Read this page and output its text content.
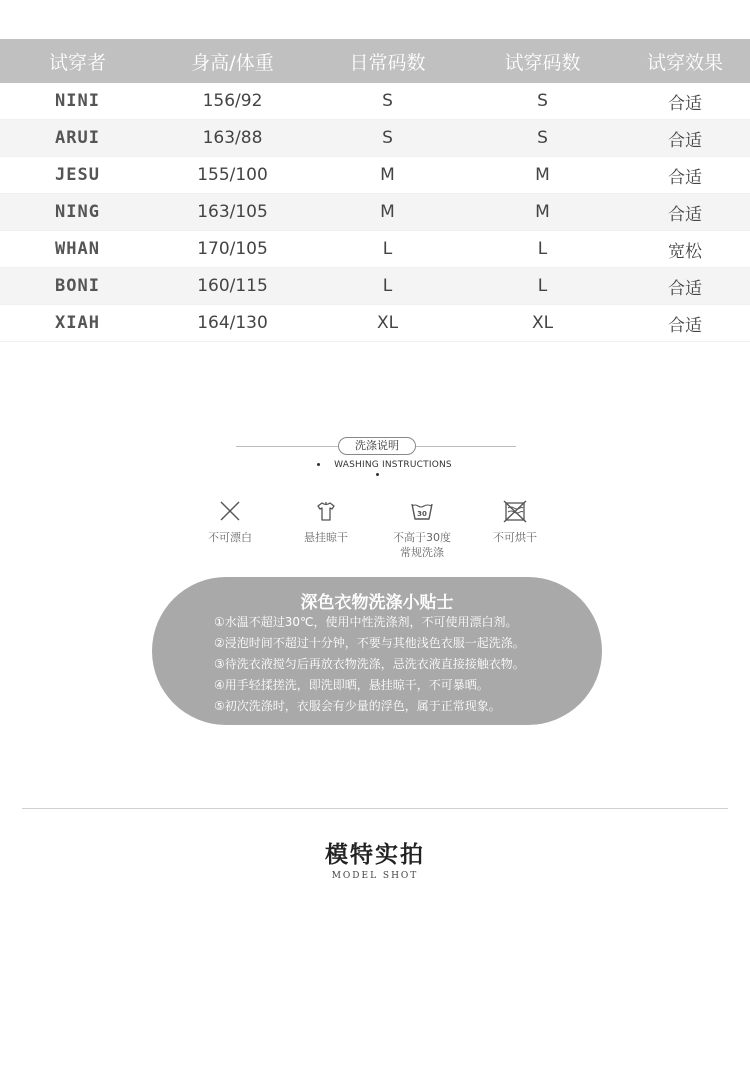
试穿者	身高/体重	日常码数	试穿码数	试穿效果
NINI	156/92	S	S	合适
ARUI	163/88	S	S	合适
JESU	155/100	M	M	合适
NING	163/105	M	M	合适
WHAN	170/105	L	L	宽松
BONI	160/115	L	L	合适
XIAH	164/130	XL	XL	合适
洗涤说明
WASHING INSTRUCTIONS
不可漂白	悬挂晾干
30
不高于30度
常规洗涤
不可烘干
深色衣物洗涤小贴士
①水温不超过30℃，使用中性洗涤剂，不可使用漂白剂。
②浸泡时间不超过十分钟，不要与其他浅色衣服一起洗涤。
③待洗衣液搅匀后再放衣物洗涤，忌洗衣液直接接触衣物。
④用手轻揉搓洗，即洗即晒，悬挂晾干，不可暴晒。
⑤初次洗涤时，衣服会有少量的浮色，属于正常现象。
模特实拍
MODEL SHOT
